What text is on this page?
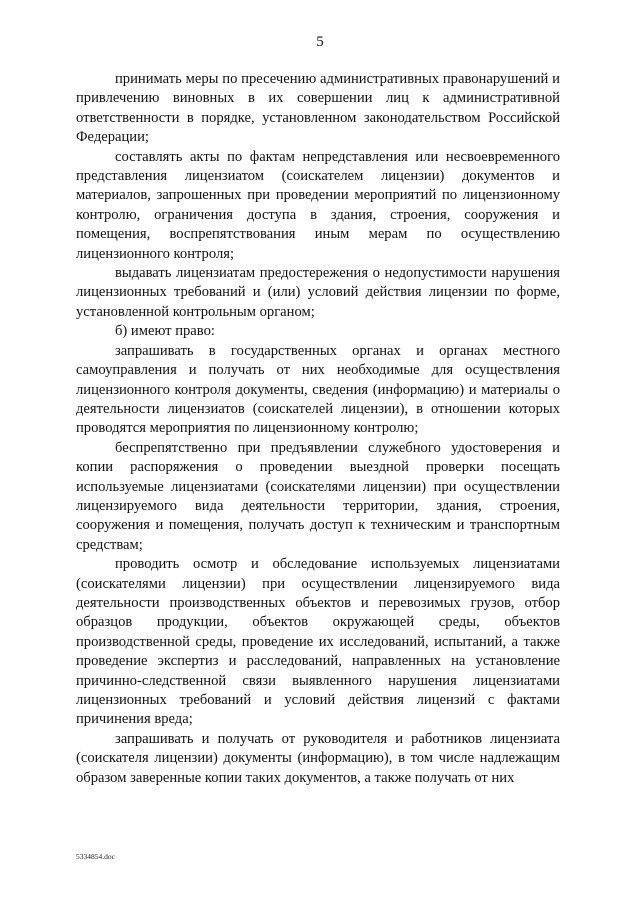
5

принимать меры по пресечению административных правонарушений и привлечению виновных в их совершении лиц к административной ответственности в порядке, установленном законодательством Российской Федерации;

составлять акты по фактам непредставления или несвоевременного представления лицензиатом (соискателем лицензии) документов и материалов, запрошенных при проведении мероприятий по лицензионному контролю, ограничения доступа в здания, строения, сооружения и помещения, воспрепятствования иным мерам по осуществлению лицензионного контроля;

выдавать лицензиатам предостережения о недопустимости нарушения лицензионных требований и (или) условий действия лицензии по форме, установленной контрольным органом;

б) имеют право:

запрашивать в государственных органах и органах местного самоуправления и получать от них необходимые для осуществления лицензионного контроля документы, сведения (информацию) и материалы о деятельности лицензиатов (соискателей лицензии), в отношении которых проводятся мероприятия по лицензионному контролю;

беспрепятственно при предъявлении служебного удостоверения и копии распоряжения о проведении выездной проверки посещать используемые лицензиатами (соискателями лицензии) при осуществлении лицензируемого вида деятельности территории, здания, строения, сооружения и помещения, получать доступ к техническим и транспортным средствам;

проводить осмотр и обследование используемых лицензиатами (соискателями лицензии) при осуществлении лицензируемого вида деятельности производственных объектов и перевозимых грузов, отбор образцов продукции, объектов окружающей среды, объектов производственной среды, проведение их исследований, испытаний, а также проведение экспертиз и расследований, направленных на установление причинно-следственной связи выявленного нарушения лицензиатами лицензионных требований и условий действия лицензий с фактами причинения вреда;

запрашивать и получать от руководителя и работников лицензиата (соискателя лицензии) документы (информацию), в том числе надлежащим образом заверенные копии таких документов, а также получать от них

5334854.doc
